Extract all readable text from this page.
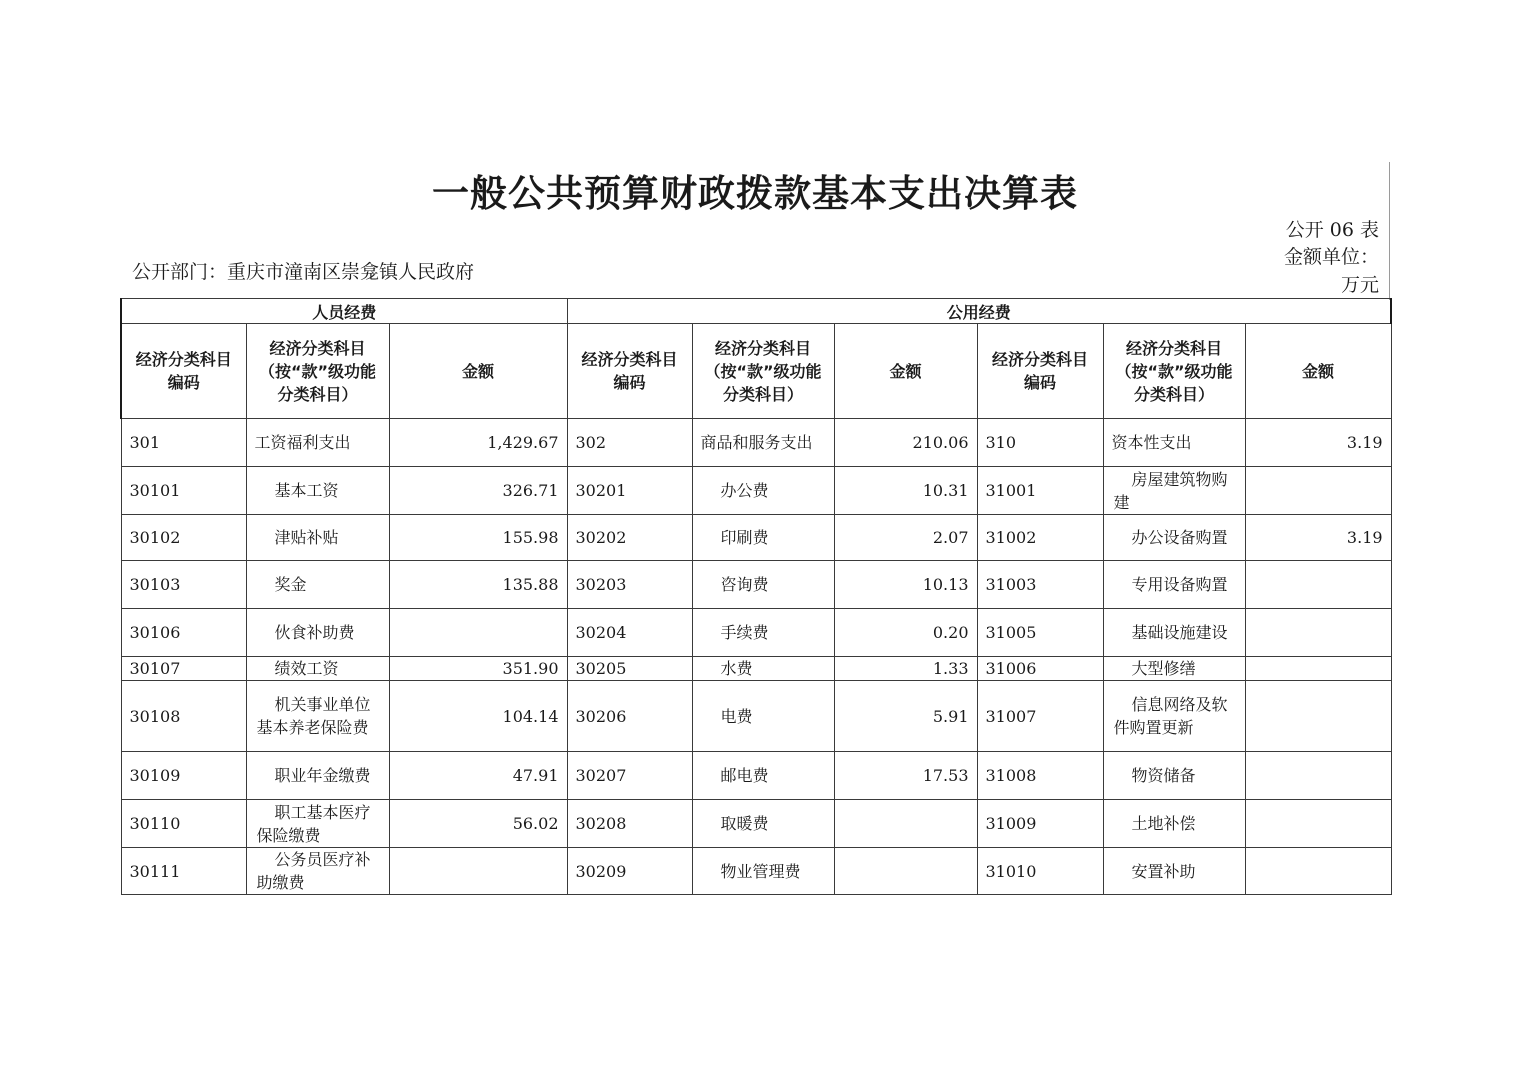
一般公共预算财政拨款基本支出决算表
公开 06 表
金额单位：
万元
公开部门：重庆市潼南区崇龛镇人民政府
人员经费			公用经费					
经济分类科目编码	经济分类科目（按“款”级功能分类科目）	金额	经济分类科目编码	经济分类科目（按“款”级功能分类科目）	金额	经济分类科目编码	经济分类科目（按“款”级功能分类科目）	金额
301	工资福利支出	1,429.67	302	商品和服务支出	210.06	310	资本性支出	3.19
30101	基本工资	326.71	30201	办公费	10.31	31001	房屋建筑物购建	
30102	津贴补贴	155.98	30202	印刷费	2.07	31002	办公设备购置	3.19
30103	奖金	135.88	30203	咨询费	10.13	31003	专用设备购置	
30106	伙食补助费		30204	手续费	0.20	31005	基础设施建设	
30107	绩效工资	351.90	30205	水费	1.33	31006	大型修缮	
30108	机关事业单位基本养老保险费	104.14	30206	电费	5.91	31007	信息网络及软件购置更新	
30109	职业年金缴费	47.91	30207	邮电费	17.53	31008	物资储备	
30110	职工基本医疗保险缴费	56.02	30208	取暖费		31009	土地补偿	
30111	公务员医疗补助缴费		30209	物业管理费		31010	安置补助	
